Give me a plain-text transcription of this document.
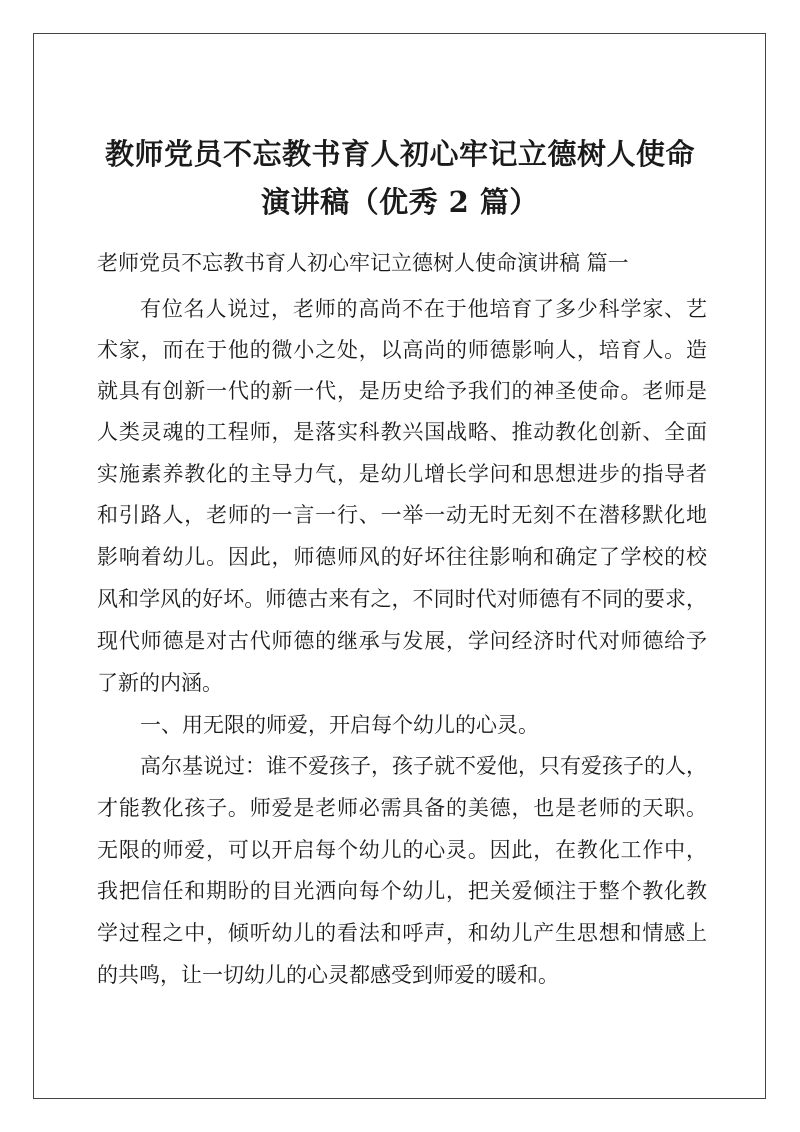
教师党员不忘教书育人初心牢记立德树人使命
演讲稿（优秀 2 篇）
老师党员不忘教书育人初心牢记立德树人使命演讲稿 篇一
有位名人说过，老师的高尚不在于他培育了多少科学家、艺
术家，而在于他的微小之处，以高尚的师德影响人，培育人。造
就具有创新一代的新一代，是历史给予我们的神圣使命。老师是
人类灵魂的工程师，是落实科教兴国战略、推动教化创新、全面
实施素养教化的主导力气，是幼儿增长学问和思想进步的指导者
和引路人，老师的一言一行、一举一动无时无刻不在潜移默化地
影响着幼儿。因此，师德师风的好坏往往影响和确定了学校的校
风和学风的好坏。师德古来有之，不同时代对师德有不同的要求，
现代师德是对古代师德的继承与发展，学问经济时代对师德给予
了新的内涵。
一、用无限的师爱，开启每个幼儿的心灵。
高尔基说过：谁不爱孩子，孩子就不爱他，只有爱孩子的人，
才能教化孩子。师爱是老师必需具备的美德，也是老师的天职。
无限的师爱，可以开启每个幼儿的心灵。因此，在教化工作中，
我把信任和期盼的目光洒向每个幼儿，把关爱倾注于整个教化教
学过程之中，倾听幼儿的看法和呼声，和幼儿产生思想和情感上
的共鸣，让一切幼儿的心灵都感受到师爱的暖和。
